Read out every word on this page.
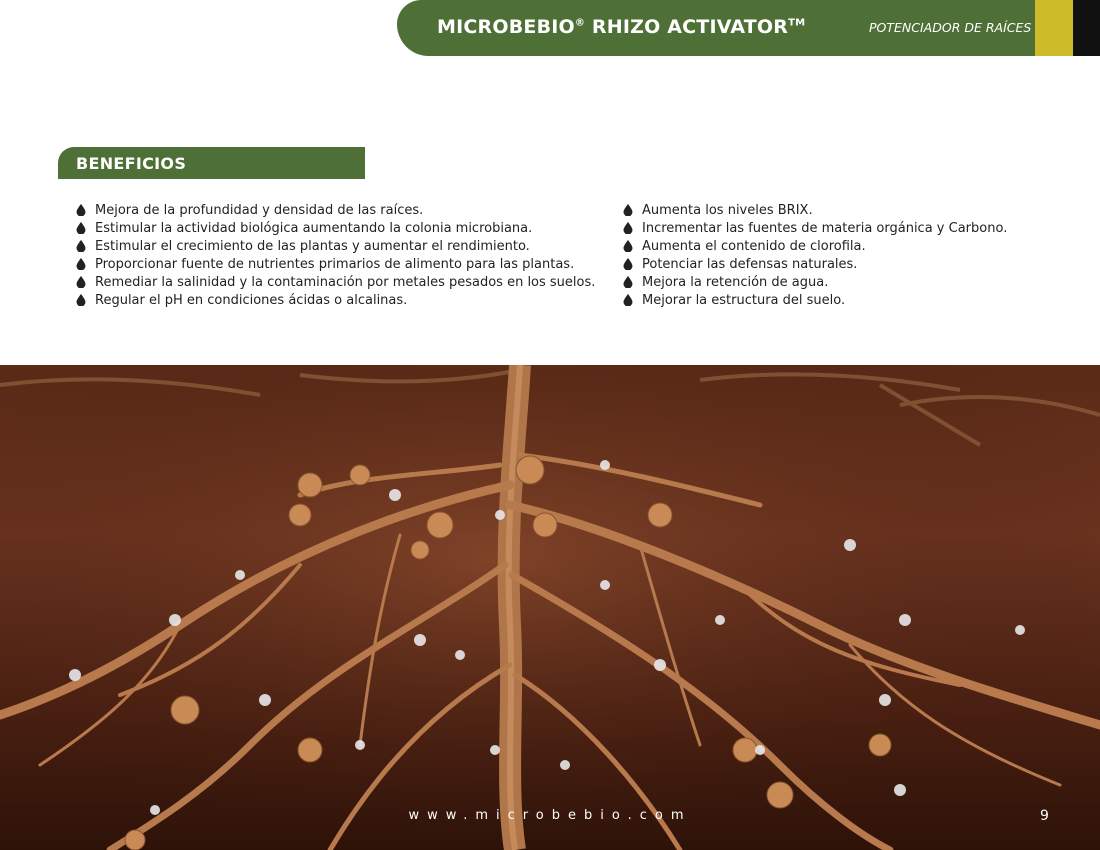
MICROBEBIO® RHIZO ACTIVATOR™	POTENCIADOR DE RAÍCES
BENEFICIOS
Mejora de la profundidad y densidad de las raíces.
Estimular la actividad biológica aumentando la colonia microbiana.
Estimular el crecimiento de las plantas y aumentar el rendimiento.
Proporcionar fuente de nutrientes primarios de alimento para las plantas.
Remediar la salinidad y la contaminación por metales pesados en los suelos.
Regular el pH en condiciones ácidas o alcalinas.
Aumenta los niveles BRIX.
Incrementar las fuentes de materia orgánica y Carbono.
Aumenta el contenido de clorofila.
Potenciar las defensas naturales.
Mejora la retención de agua.
Mejorar la estructura del suelo.
www.microbebio.com	9
